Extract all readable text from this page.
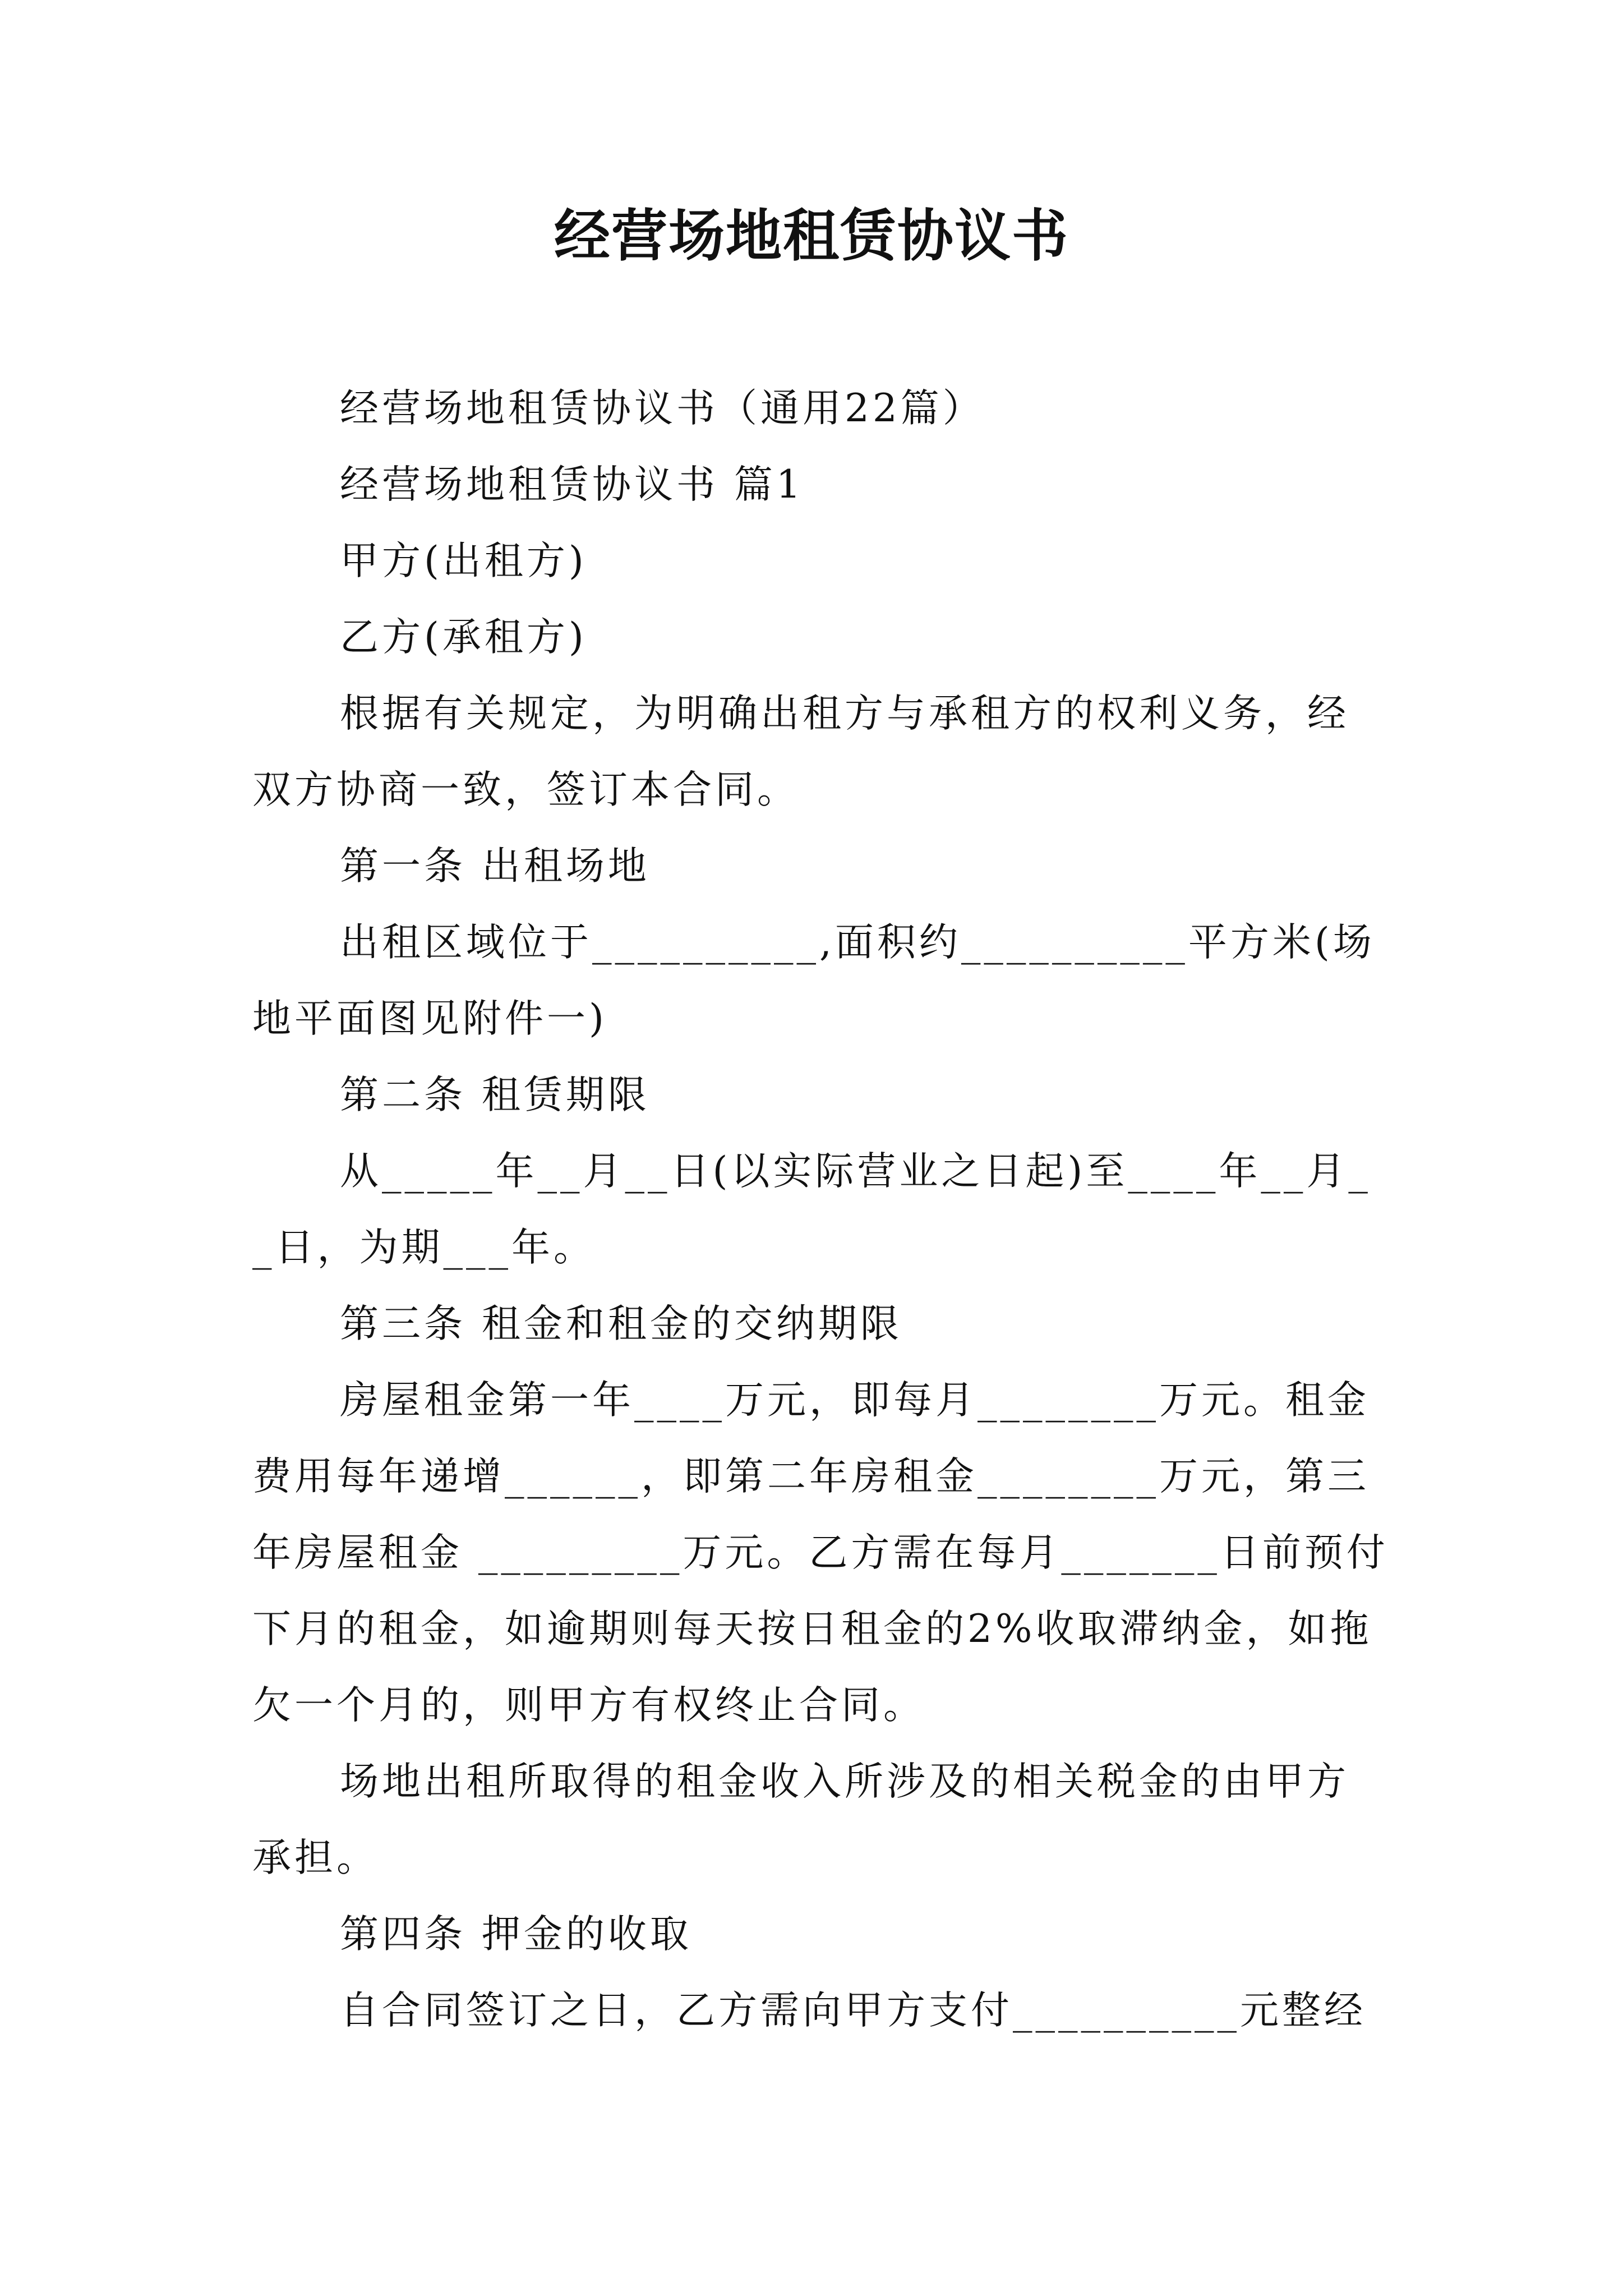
经营场地租赁协议书

经营场地租赁协议书（通用22篇）

经营场地租赁协议书 篇1

甲方(出租方)

乙方(承租方)

根据有关规定，为明确出租方与承租方的权利义务，经双方协商一致，签订本合同。

第一条 出租场地

出租区域位于__________,面积约__________平方米(场地平面图见附件一)

第二条 租赁期限

从_____年__月__日(以实际营业之日起)至____年__月__日，为期___年。

第三条 租金和租金的交纳期限

房屋租金第一年____万元，即每月________万元。租金费用每年递增______，即第二年房租金________万元，第三年房屋租金 _________万元。乙方需在每月_______日前预付下月的租金，如逾期则每天按日租金的2%收取滞纳金，如拖欠一个月的，则甲方有权终止合同。

场地出租所取得的租金收入所涉及的相关税金的由甲方承担。

第四条 押金的收取

自合同签订之日，乙方需向甲方支付__________元整经
